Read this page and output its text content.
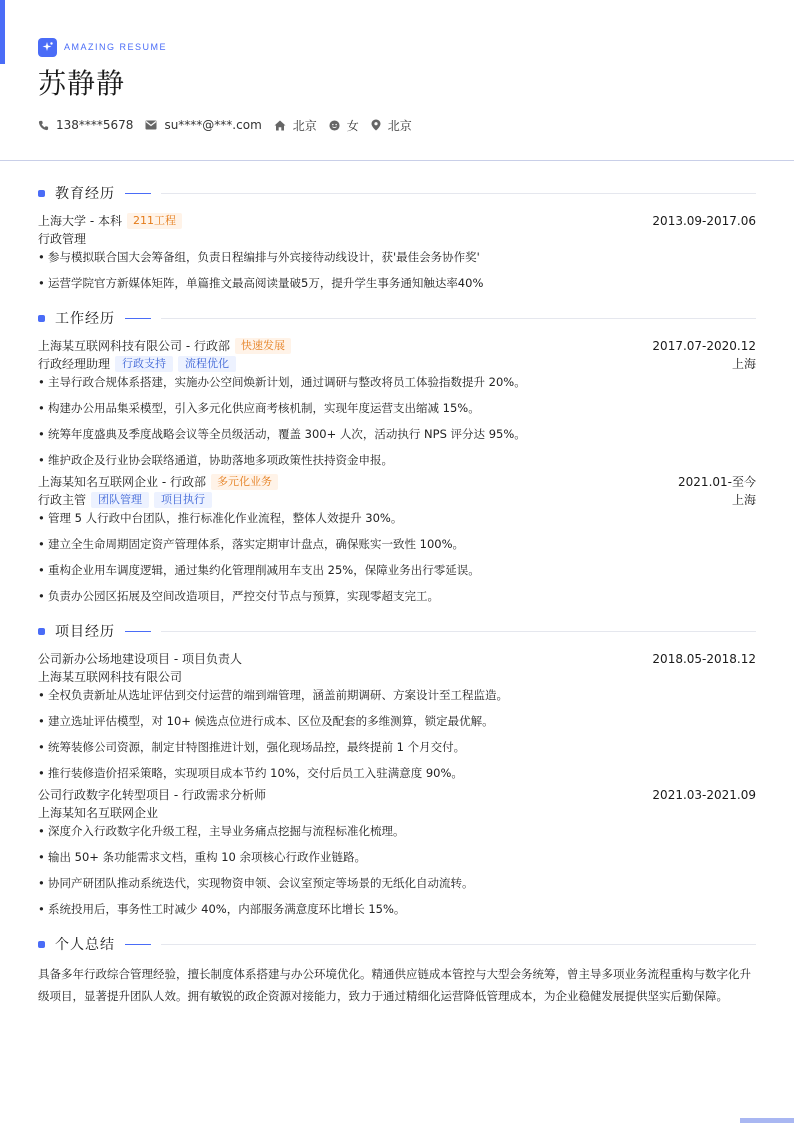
AMAZING RESUME
苏静静
138****5678	su****@***.com	北京	女 北京
教育经历
上海大学 - 本科	211工程	2013.09-2017.06
行政管理
• 参与模拟联合国大会筹备组，负责日程编排与外宾接待动线设计，获'最佳会务协作奖'
• 运营学院官方新媒体矩阵，单篇推文最高阅读量破5万，提升学生事务通知触达率40%
工作经历
上海某互联网科技有限公司 - 行政部	快速发展	2017.07-2020.12
行政经理助理	行政支持	流程优化	上海
• 主导行政合规体系搭建，实施办公空间焕新计划，通过调研与整改将员工体验指数提升 20%。
• 构建办公用品集采模型，引入多元化供应商考核机制，实现年度运营支出缩减 15%。
• 统筹年度盛典及季度战略会议等全员级活动，覆盖 300+ 人次，活动执行 NPS 评分达 95%。
• 维护政企及行业协会联络通道，协助落地多项政策性扶持资金申报。
上海某知名互联网企业 - 行政部	多元化业务	2021.01-至今
行政主管	团队管理	项目执行	上海
• 管理 5 人行政中台团队，推行标准化作业流程，整体人效提升 30%。
• 建立全生命周期固定资产管理体系，落实定期审计盘点，确保账实一致性 100%。
• 重构企业用车调度逻辑，通过集约化管理削减用车支出 25%，保障业务出行零延误。
• 负责办公园区拓展及空间改造项目，严控交付节点与预算，实现零超支完工。
项目经历
公司新办公场地建设项目 - 项目负责人	2018.05-2018.12
上海某互联网科技有限公司
• 全权负责新址从选址评估到交付运营的端到端管理，涵盖前期调研、方案设计至工程监造。
• 建立选址评估模型，对 10+ 候选点位进行成本、区位及配套的多维测算，锁定最优解。
• 统筹装修公司资源，制定甘特图推进计划，强化现场品控，最终提前 1 个月交付。
• 推行装修造价招采策略，实现项目成本节约 10%，交付后员工入驻满意度 90%。
公司行政数字化转型项目 - 行政需求分析师	2021.03-2021.09
上海某知名互联网企业
• 深度介入行政数字化升级工程，主导业务痛点挖掘与流程标准化梳理。
• 输出 50+ 条功能需求文档，重构 10 余项核心行政作业链路。
• 协同产研团队推动系统迭代，实现物资申领、会议室预定等场景的无纸化自动流转。
• 系统投用后，事务性工时减少 40%，内部服务满意度环比增长 15%。
个人总结

具备多年行政综合管理经验，擅长制度体系搭建与办公环境优化。精通供应链成本管控与大型会务统筹，曾主导多项业务流程重构与数字化升级项目，显著提升团队人效。拥有敏锐的政企资源对接能力，致力于通过精细化运营降低管理成本，为企业稳健发展提供坚实后勤保障。
